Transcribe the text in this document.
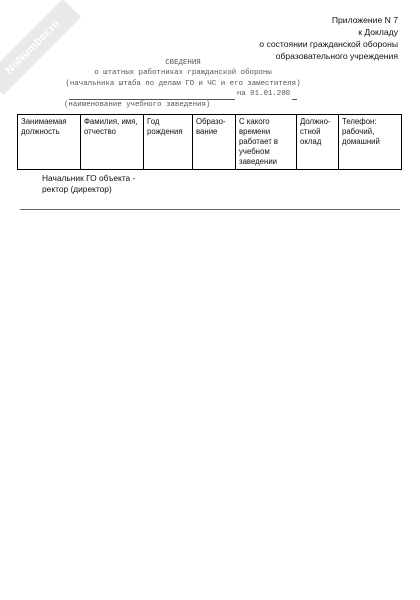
NoNumber.ru	Приложение N 7
к Докладу
о состоянии гражданской обороны
образовательного учреждения
СВЕДЕНИЯ
о штатных работниках гражданской обороны
(начальника штаба по делам ГО и ЧС и его заместителя)
на 01.01.200
(наименование учебного заведения)
Занимаемая должность	Фамилия, имя, отчество	Год рождения	Образо- вание	С какого времени работает в учебном заведении	Должно- стной оклад	Телефон: рабочий, домашний
Начальник ГО объекта -
ректор (директор)
